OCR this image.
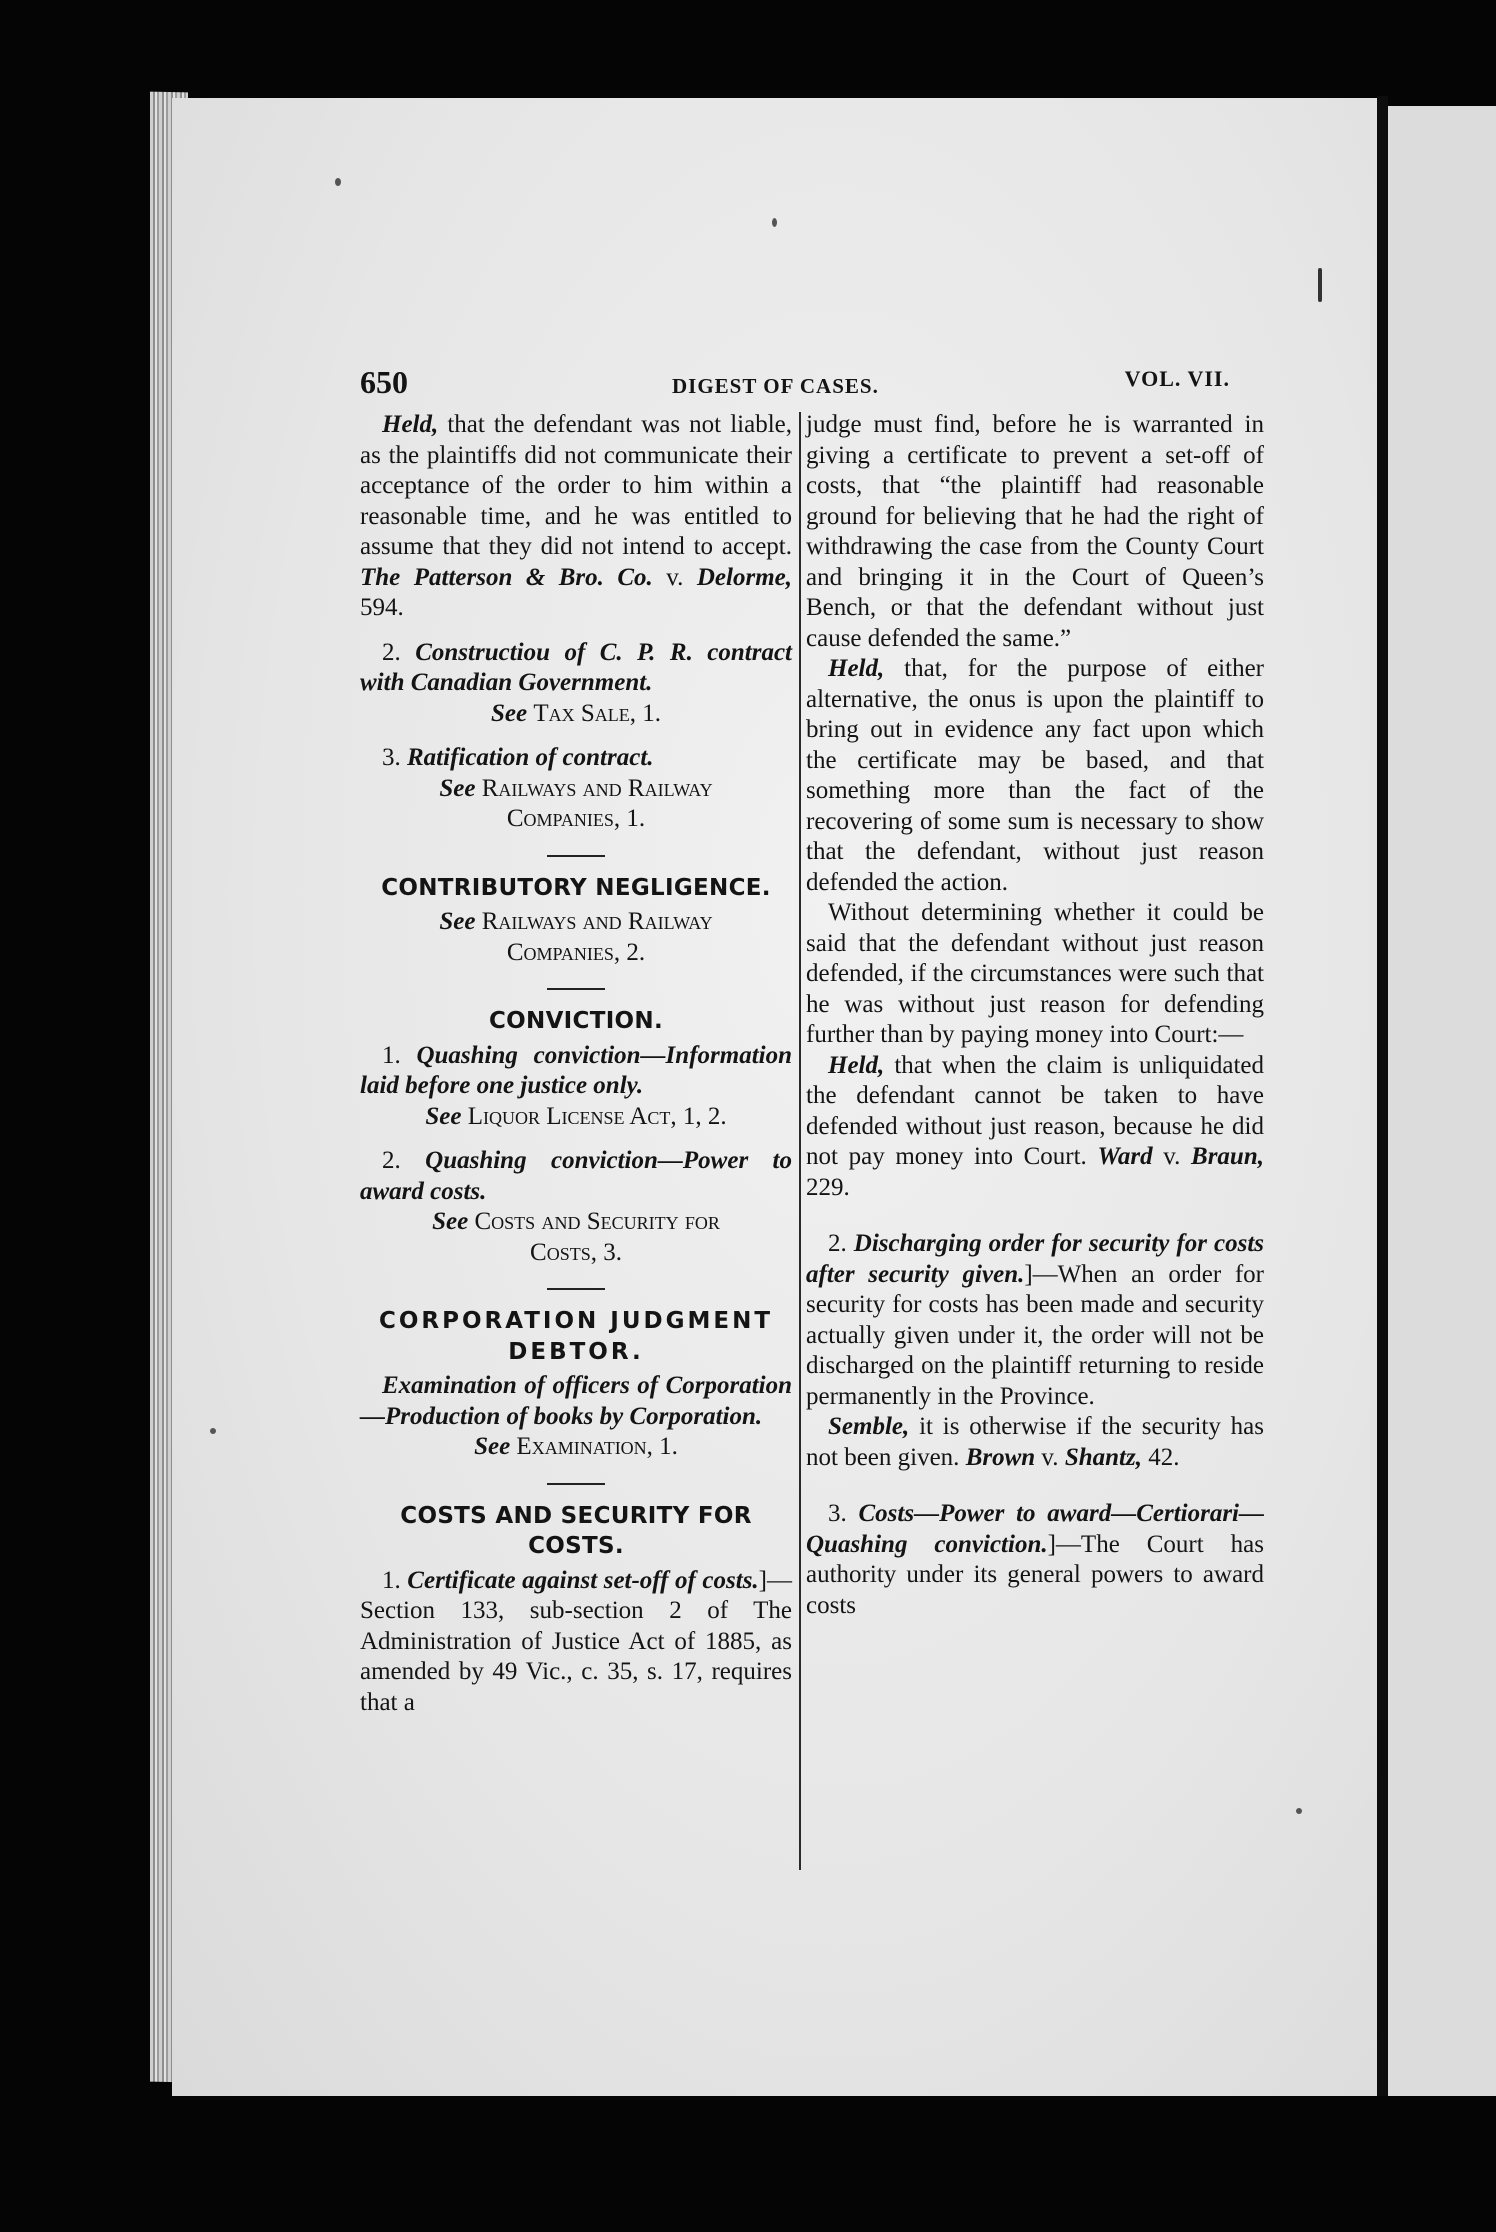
650	DIGEST OF CASES.	VOL. VII.

Held, that the defendant was not liable, as the plaintiffs did not communicate their acceptance of the order to him within a reasonable time, and he was entitled to assume that they did not intend to accept. The Patterson & Bro. Co. v. Delorme, 594.

2. Constructiou of C. P. R. contract with Canadian Government.

See Tax Sale, 1.

3. Ratification of contract.

See Railways and Railway

Companies, 1.

CONTRIBUTORY NEGLIGENCE.

See Railways and Railway

Companies, 2.

CONVICTION.

1. Quashing conviction—Information laid before one justice only.

See Liquor License Act, 1, 2.

2. Quashing conviction—Power to award costs.

See Costs and Security for

Costs, 3.

CORPORATION JUDGMENT
DEBTOR.

Examination of officers of Corporation—Production of books by Corporation.

See Examination, 1.

COSTS AND SECURITY FOR COSTS.

1. Certificate against set-off of costs.]—Section 133, sub-section 2 of The Administration of Justice Act of 1885, as amended by 49 Vic., c. 35, s. 17, requires that a

judge must find, before he is warranted in giving a certificate to prevent a set-off of costs, that “the plaintiff had reasonable ground for believing that he had the right of withdrawing the case from the County Court and bringing it in the Court of Queen’s Bench, or that the defendant without just cause defended the same.”

Held, that, for the purpose of either alternative, the onus is upon the plaintiff to bring out in evidence any fact upon which the certificate may be based, and that something more than the fact of the recovering of some sum is necessary to show that the defendant, without just reason defended the action.

Without determining whether it could be said that the defendant without just reason defended, if the circumstances were such that he was without just reason for defending further than by paying money into Court:—

Held, that when the claim is unliquidated the defendant cannot be taken to have defended without just reason, because he did not pay money into Court. Ward v. Braun, 229.

2. Discharging order for security for costs after security given.]—When an order for security for costs has been made and security actually given under it, the order will not be discharged on the plaintiff returning to reside permanently in the Province.

Semble, it is otherwise if the security has not been given. Brown v. Shantz, 42.

3. Costs—Power to award—Certiorari—Quashing conviction.]—The Court has authority under its general powers to award costs
